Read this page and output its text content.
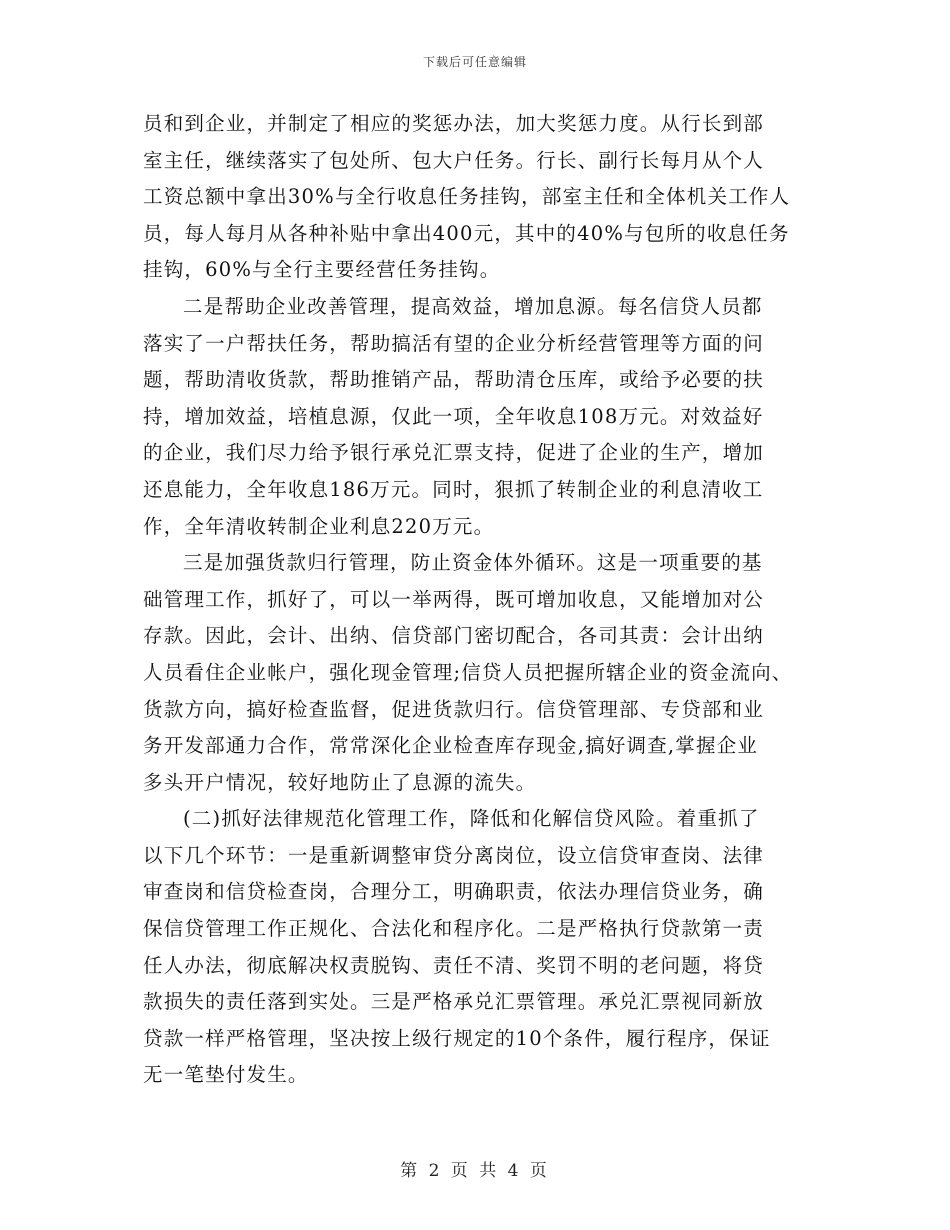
下载后可任意编辑

员和到企业，并制定了相应的奖惩办法，加大奖惩力度。从行长到部
室主任，继续落实了包处所、包大户任务。行长、副行长每月从个人
工资总额中拿出30%与全行收息任务挂钩，部室主任和全体机关工作人
员，每人每月从各种补贴中拿出400元，其中的40%与包所的收息任务
挂钩，60%与全行主要经营任务挂钩。

二是帮助企业改善管理，提高效益，增加息源。每名信贷人员都
落实了一户帮扶任务，帮助搞活有望的企业分析经营管理等方面的问
题，帮助清收货款，帮助推销产品，帮助清仓压库，或给予必要的扶
持，增加效益，培植息源，仅此一项，全年收息108万元。对效益好
的企业，我们尽力给予银行承兑汇票支持，促进了企业的生产，增加
还息能力，全年收息186万元。同时，狠抓了转制企业的利息清收工
作，全年清收转制企业利息220万元。

三是加强货款归行管理，防止资金体外循环。这是一项重要的基
础管理工作，抓好了，可以一举两得，既可增加收息，又能增加对公
存款。因此，会计、出纳、信贷部门密切配合，各司其责：会计出纳
人员看住企业帐户，强化现金管理;信贷人员把握所辖企业的资金流向、
货款方向，搞好检查监督，促进货款归行。信贷管理部、专贷部和业
务开发部通力合作，常常深化企业检查库存现金,搞好调查,掌握企业
多头开户情况，较好地防止了息源的流失。

(二)抓好法律规范化管理工作，降低和化解信贷风险。着重抓了
以下几个环节：一是重新调整审贷分离岗位，设立信贷审查岗、法律
审查岗和信贷检查岗，合理分工，明确职责，依法办理信贷业务，确
保信贷管理工作正规化、合法化和程序化。二是严格执行贷款第一责
任人办法，彻底解决权责脱钩、责任不清、奖罚不明的老问题，将贷
款损失的责任落到实处。三是严格承兑汇票管理。承兑汇票视同新放
贷款一样严格管理，坚决按上级行规定的10个条件，履行程序，保证
无一笔垫付发生。

第 2 页 共 4 页
